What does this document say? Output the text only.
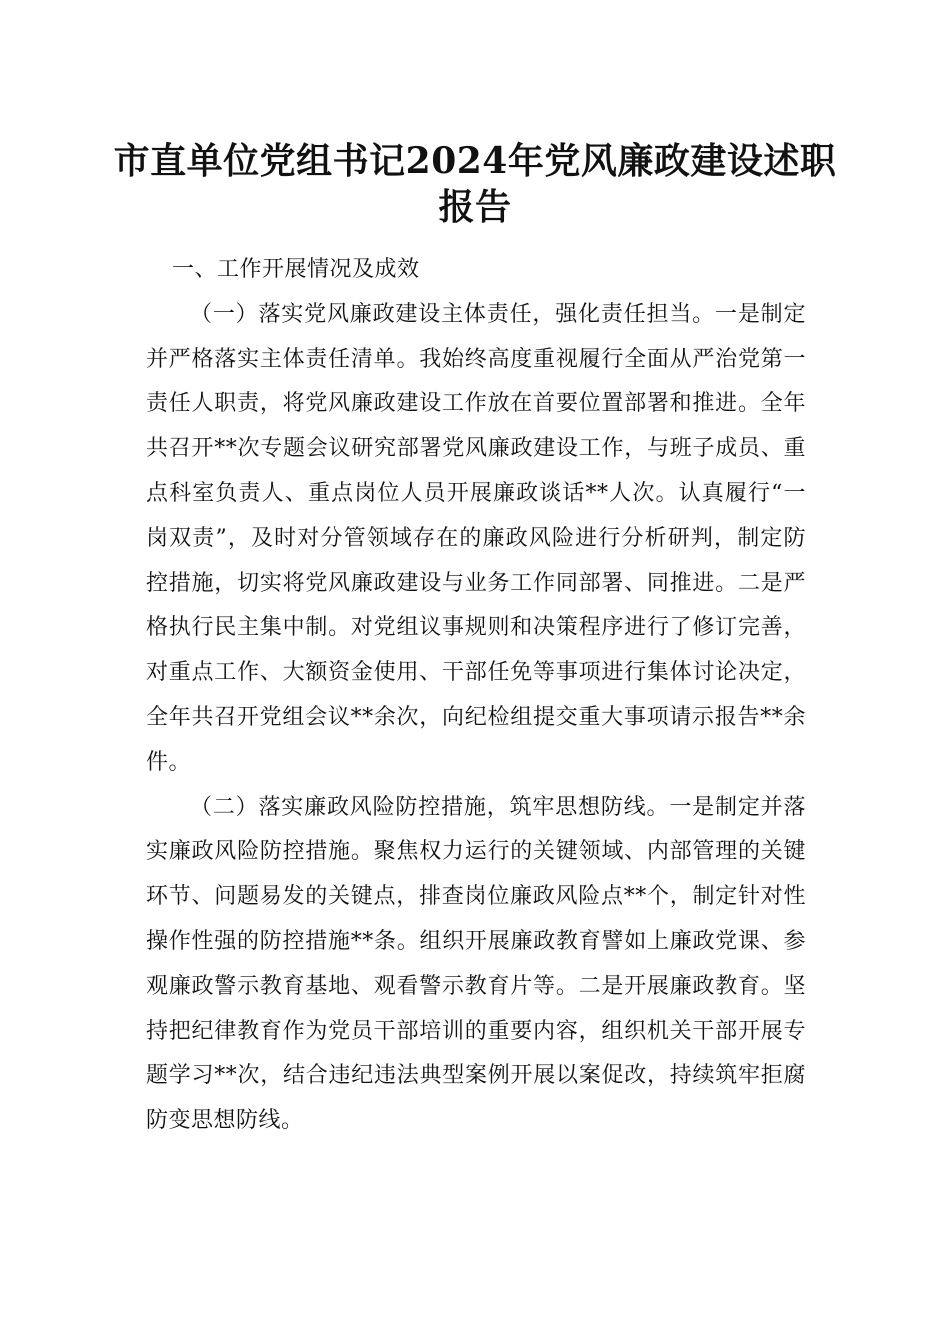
市直单位党组书记2024年党风廉政建设述职报告
一、工作开展情况及成效

（一）落实党风廉政建设主体责任，强化责任担当。一是制定并严格落实主体责任清单。我始终高度重视履行全面从严治党第一责任人职责，将党风廉政建设工作放在首要位置部署和推进。全年共召开**次专题会议研究部署党风廉政建设工作，与班子成员、重点科室负责人、重点岗位人员开展廉政谈话**人次。认真履行“一岗双责”，及时对分管领域存在的廉政风险进行分析研判，制定防控措施，切实将党风廉政建设与业务工作同部署、同推进。二是严格执行民主集中制。对党组议事规则和决策程序进行了修订完善，对重点工作、大额资金使用、干部任免等事项进行集体讨论决定，全年共召开党组会议**余次，向纪检组提交重大事项请示报告**余件。

（二）落实廉政风险防控措施，筑牢思想防线。一是制定并落实廉政风险防控措施。聚焦权力运行的关键领域、内部管理的关键环节、问题易发的关键点，排查岗位廉政风险点**个，制定针对性操作性强的防控措施**条。组织开展廉政教育譬如上廉政党课、参观廉政警示教育基地、观看警示教育片等。二是开展廉政教育。坚持把纪律教育作为党员干部培训的重要内容，组织机关干部开展专题学习**次，结合违纪违法典型案例开展以案促改，持续筑牢拒腐防变思想防线。
